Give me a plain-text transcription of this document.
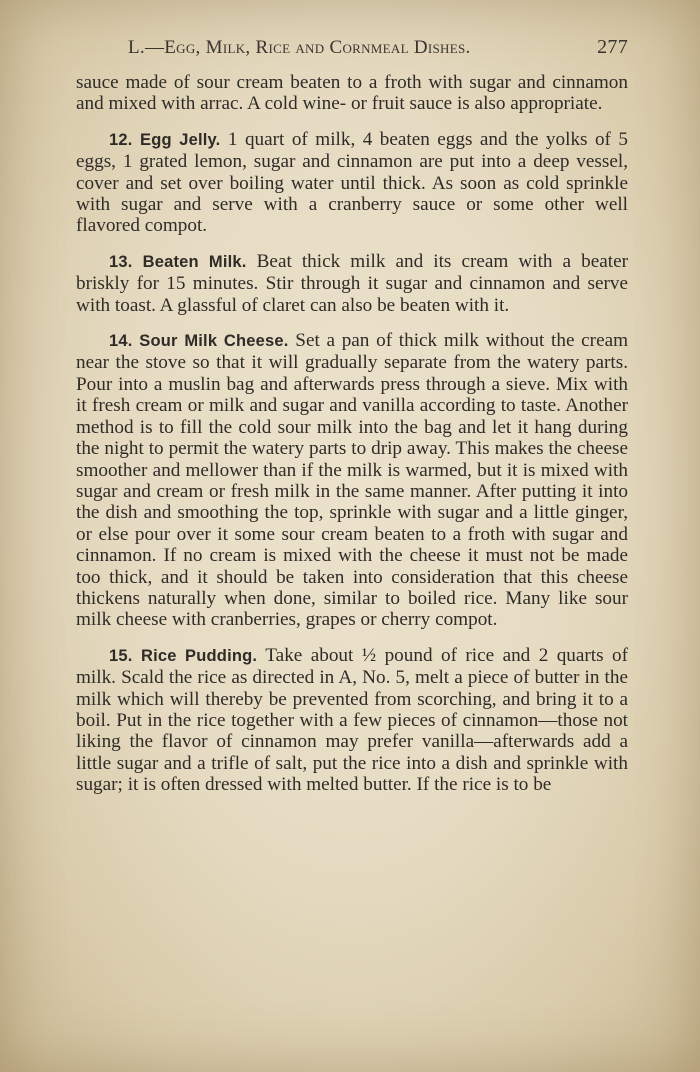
L.—Egg, Milk, Rice and Cornmeal Dishes.	277

sauce made of sour cream beaten to a froth with sugar and cinnamon and mixed with arrac. A cold wine- or fruit sauce is also appropriate.

12. Egg Jelly. 1 quart of milk, 4 beaten eggs and the yolks of 5 eggs, 1 grated lemon, sugar and cinnamon are put into a deep vessel, cover and set over boiling water until thick. As soon as cold sprinkle with sugar and serve with a cranberry sauce or some other well flavored compot.

13. Beaten Milk. Beat thick milk and its cream with a beater briskly for 15 minutes. Stir through it sugar and cinnamon and serve with toast. A glassful of claret can also be beaten with it.

14. Sour Milk Cheese. Set a pan of thick milk without the cream near the stove so that it will gradually separate from the watery parts. Pour into a muslin bag and afterwards press through a sieve. Mix with it fresh cream or milk and sugar and vanilla according to taste. Another method is to fill the cold sour milk into the bag and let it hang during the night to permit the watery parts to drip away. This makes the cheese smoother and mellower than if the milk is warmed, but it is mixed with sugar and cream or fresh milk in the same manner. After putting it into the dish and smoothing the top, sprinkle with sugar and a little ginger, or else pour over it some sour cream beaten to a froth with sugar and cinnamon. If no cream is mixed with the cheese it must not be made too thick, and it should be taken into consideration that this cheese thickens naturally when done, similar to boiled rice. Many like sour milk cheese with cranberries, grapes or cherry compot.

15. Rice Pudding. Take about ½ pound of rice and 2 quarts of milk. Scald the rice as directed in A, No. 5, melt a piece of butter in the milk which will thereby be prevented from scorching, and bring it to a boil. Put in the rice together with a few pieces of cinnamon—those not liking the flavor of cinnamon may prefer vanilla—afterwards add a little sugar and a trifle of salt, put the rice into a dish and sprinkle with sugar; it is often dressed with melted butter. If the rice is to be
